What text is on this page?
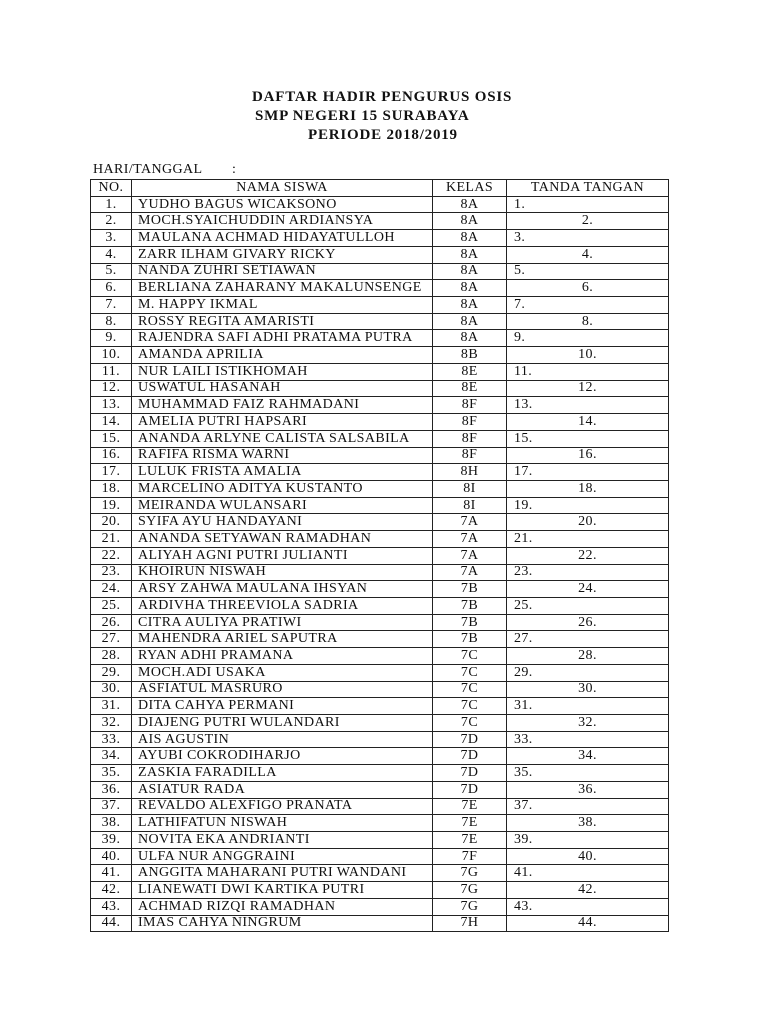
DAFTAR HADIR PENGURUS OSIS
SMP NEGERI 15 SURABAYA
PERIODE 2018/2019
HARI/TANGGAL :
NO.	NAMA SISWA	KELAS	TANDA TANGAN
1.	YUDHO BAGUS WICAKSONO	8A	1.
2.	MOCH.SYAICHUDDIN ARDIANSYA	8A	2.
3.	MAULANA ACHMAD HIDAYATULLOH	8A	3.
4.	ZARR ILHAM GIVARY RICKY	8A	4.
5.	NANDA ZUHRI SETIAWAN	8A	5.
6.	BERLIANA ZAHARANY MAKALUNSENGE	8A	6.
7.	M. HAPPY IKMAL	8A	7.
8.	ROSSY REGITA AMARISTI	8A	8.
9.	RAJENDRA SAFI ADHI PRATAMA PUTRA	8A	9.
10.	AMANDA APRILIA	8B	10.
11.	NUR LAILI ISTIKHOMAH	8E	11.
12.	USWATUL HASANAH	8E	12.
13.	MUHAMMAD FAIZ RAHMADANI	8F	13.
14.	AMELIA PUTRI HAPSARI	8F	14.
15.	ANANDA ARLYNE CALISTA SALSABILA	8F	15.
16.	RAFIFA RISMA WARNI	8F	16.
17.	LULUK FRISTA AMALIA	8H	17.
18.	MARCELINO ADITYA KUSTANTO	8I	18.
19.	MEIRANDA WULANSARI	8I	19.
20.	SYIFA AYU HANDAYANI	7A	20.
21.	ANANDA SETYAWAN RAMADHAN	7A	21.
22.	ALIYAH AGNI PUTRI JULIANTI	7A	22.
23.	KHOIRUN NISWAH	7A	23.
24.	ARSY ZAHWA MAULANA IHSYAN	7B	24.
25.	ARDIVHA THREEVIOLA SADRIA	7B	25.
26.	CITRA AULIYA PRATIWI	7B	26.
27.	MAHENDRA ARIEL SAPUTRA	7B	27.
28.	RYAN ADHI PRAMANA	7C	28.
29.	MOCH.ADI USAKA	7C	29.
30.	ASFIATUL MASRURO	7C	30.
31.	DITA CAHYA PERMANI	7C	31.
32.	DIAJENG PUTRI WULANDARI	7C	32.
33.	AIS AGUSTIN	7D	33.
34.	AYUBI COKRODIHARJO	7D	34.
35.	ZASKIA FARADILLA	7D	35.
36.	ASIATUR RADA	7D	36.
37.	REVALDO ALEXFIGO PRANATA	7E	37.
38.	LATHIFATUN NISWAH	7E	38.
39.	NOVITA EKA ANDRIANTI	7E	39.
40.	ULFA NUR ANGGRAINI	7F	40.
41.	ANGGITA MAHARANI PUTRI WANDANI	7G	41.
42.	LIANEWATI DWI KARTIKA PUTRI	7G	42.
43.	ACHMAD RIZQI RAMADHAN	7G	43.
44.	IMAS CAHYA NINGRUM	7H	44.
